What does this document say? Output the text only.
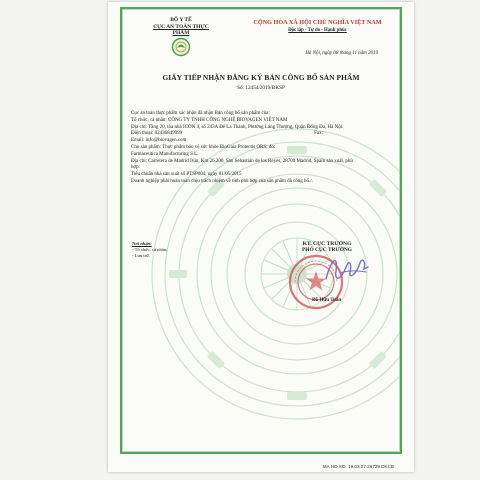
BỘ Y TẾ
CỤC AN TOÀN THỰC PHẨM
CỘNG HÒA XÃ HỘI CHỦ NGHĨA VIỆT NAM
Độc lập - Tự do - Hạnh phúc
Hà Nội, ngày 08 tháng 11 năm 2019
GIẤY TIẾP NHẬN ĐĂNG KÝ BẢN CÔNG BỐ SẢN PHẨM
Số: 12454/2019/ĐKSP

Cục an toàn thực phẩm xác nhận đã nhận Bản công bố sản phẩm của:

Tổ chức, cá nhân: CÔNG TY TNHH CÔNG NGHỆ BIOVAGEN VIỆT NAM

Địa chỉ: Tầng 20, tòa nhà ICON 4, số 243A Đê La Thành, Phường Láng Thượng, Quận Đống Đa, Hà Nội.

Điện thoại: 02436849999	Fax:

Email: info@biovagen.com

Cho sản phẩm: Thực phẩm bảo vệ sức khỏe BioGaia Protectis ORS; do:

Farmaceutica Manufacturing S.L.

Địa chỉ: Carretera de Madrid Irún, Km 26,200, San Sebastián de los Reyes, 28709 Madrid, Spain sản xuất, phù hợp:

Tiêu chuẩn nhà sản xuất số PTSP004, ngày 01/05/2015

Doanh nghiệp phải hoàn toàn chịu trách nhiệm về tính phù hợp của sản phẩm đã công bố./.

Nơi nhận:
- Tổ chức, cá nhân;
- Lưu trữ.
KT. CỤC TRƯỞNG
PHÓ CỤC TRƯỞNG
Đỗ Hữu Tuấn
MA HO SO: 19.03.07.26729.DKCB
